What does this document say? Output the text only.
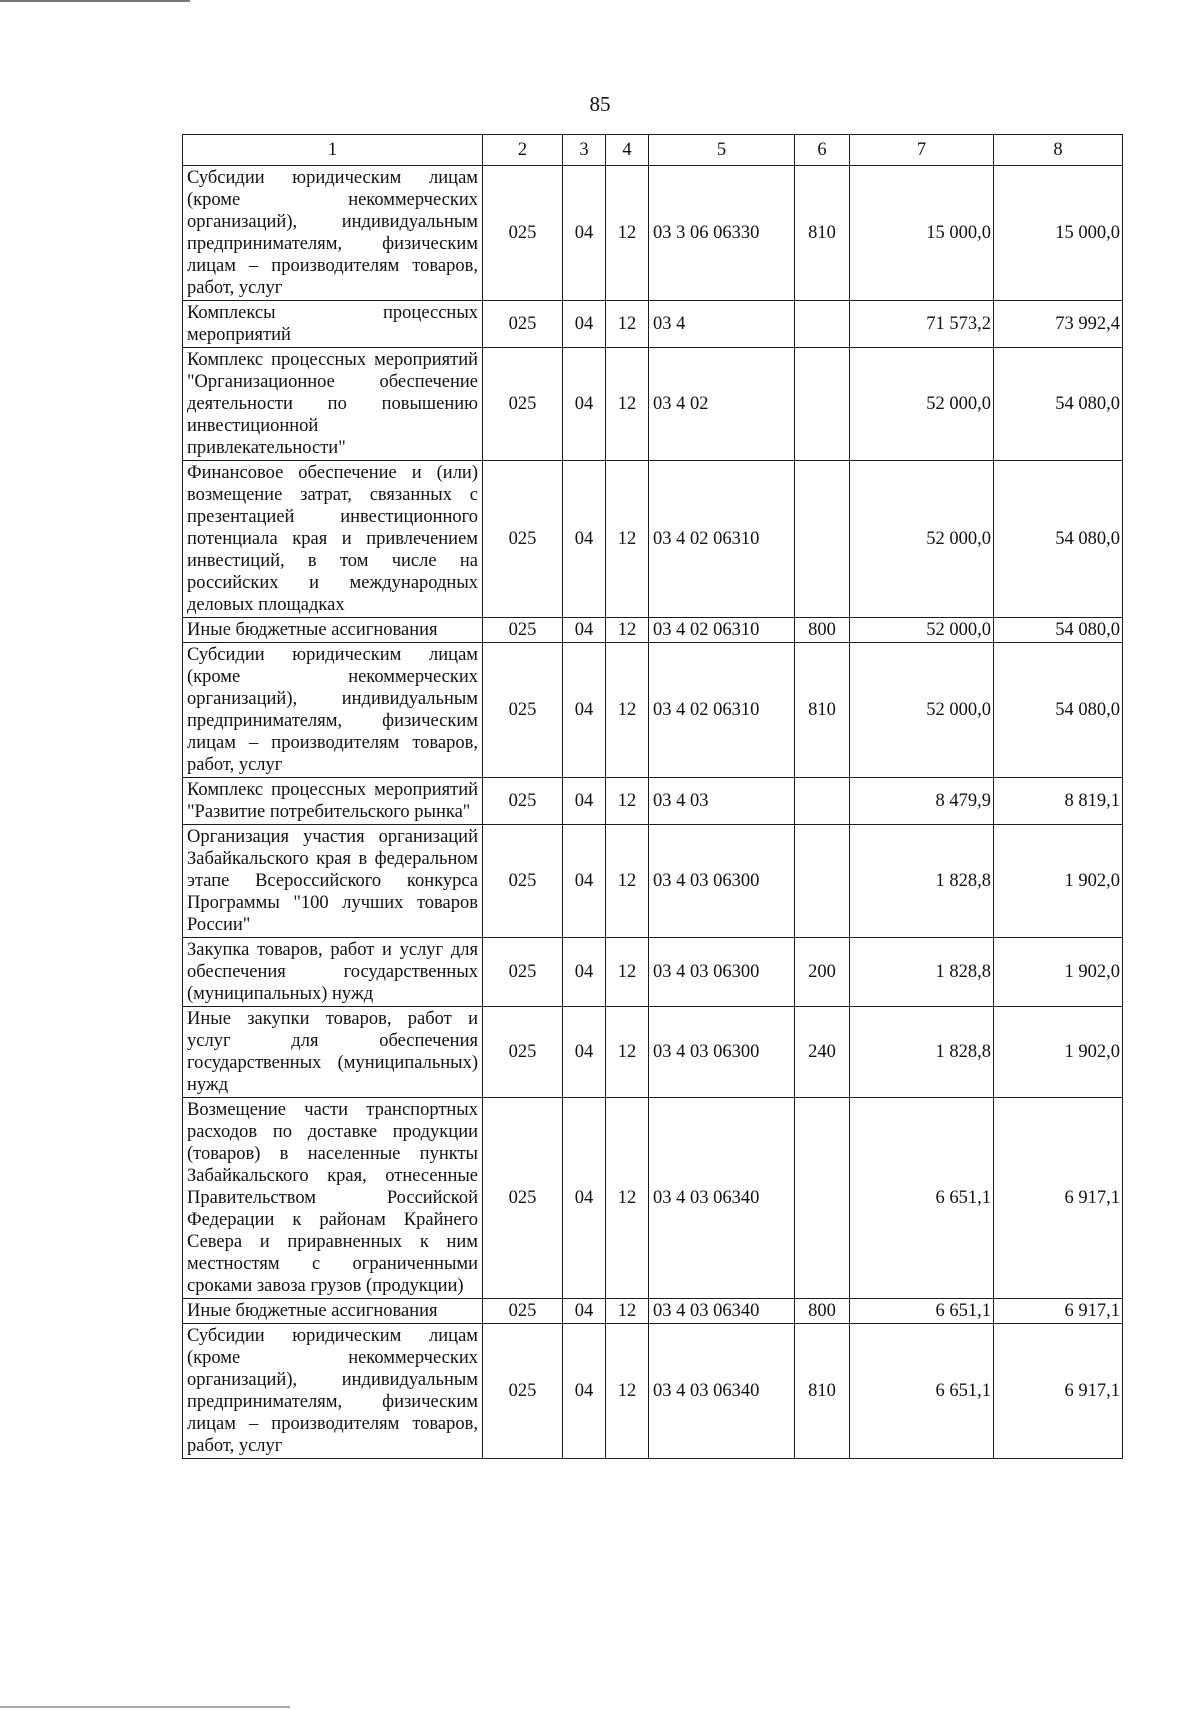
85
1	2	3	4	5	6	7	8
Субсидии юридическим лицам (кроме некоммерческих организаций), индивидуальным предпринимателям, физическим лицам – производителям товаров, работ, услуг	025	04	12	03 3 06 06330	810	15 000,0	15 000,0
Комплексы процессных мероприятий	025	04	12	03 4		71 573,2	73 992,4
Комплекс процессных мероприятий "Организационное обеспечение деятельности по повышению инвестиционной привлекательности"	025	04	12	03 4 02		52 000,0	54 080,0
Финансовое обеспечение и (или) возмещение затрат, связанных с презентацией инвестиционного потенциала края и привлечением инвестиций, в том числе на российских и международных деловых площадках	025	04	12	03 4 02 06310		52 000,0	54 080,0
Иные бюджетные ассигнования	025	04	12	03 4 02 06310	800	52 000,0	54 080,0
Субсидии юридическим лицам (кроме некоммерческих организаций), индивидуальным предпринимателям, физическим лицам – производителям товаров, работ, услуг	025	04	12	03 4 02 06310	810	52 000,0	54 080,0
Комплекс процессных мероприятий "Развитие потребительского рынка"	025	04	12	03 4 03		8 479,9	8 819,1
Организация участия организаций Забайкальского края в федеральном этапе Всероссийского конкурса Программы "100 лучших товаров России"	025	04	12	03 4 03 06300		1 828,8	1 902,0
Закупка товаров, работ и услуг для обеспечения государственных (муниципальных) нужд	025	04	12	03 4 03 06300	200	1 828,8	1 902,0
Иные закупки товаров, работ и услуг для обеспечения государственных (муниципальных) нужд	025	04	12	03 4 03 06300	240	1 828,8	1 902,0
Возмещение части транспортных расходов по доставке продукции (товаров) в населенные пункты Забайкальского края, отнесенные Правительством Российской Федерации к районам Крайнего Севера и приравненных к ним местностям с ограниченными сроками завоза грузов (продукции)	025	04	12	03 4 03 06340		6 651,1	6 917,1
Иные бюджетные ассигнования	025	04	12	03 4 03 06340	800	6 651,1	6 917,1
Субсидии юридическим лицам (кроме некоммерческих организаций), индивидуальным предпринимателям, физическим лицам – производителям товаров, работ, услуг	025	04	12	03 4 03 06340	810	6 651,1	6 917,1
